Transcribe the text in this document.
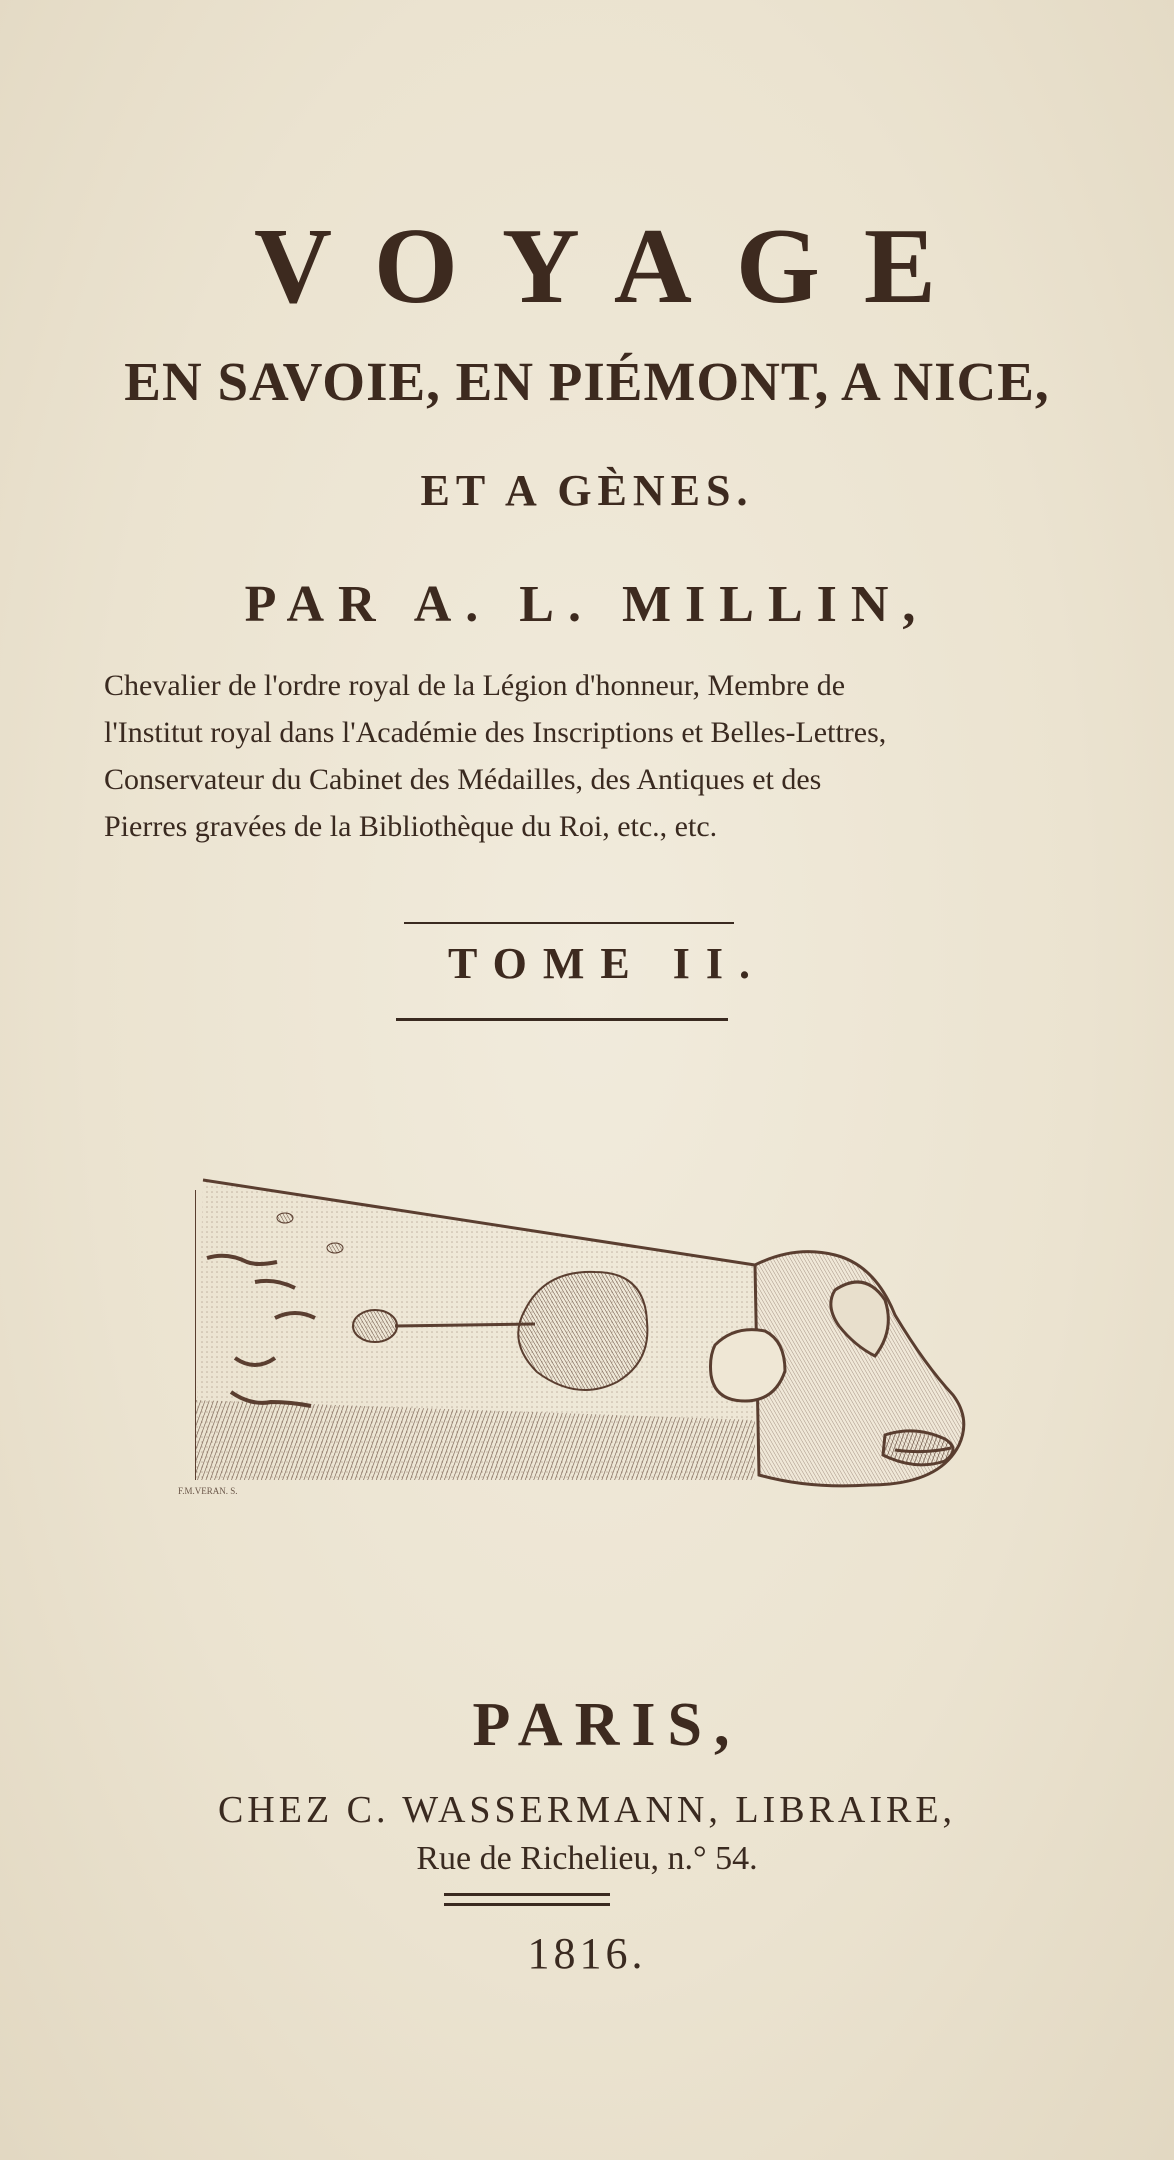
VOYAGE
EN SAVOIE, EN PIÉMONT, A NICE,
ET A GÈNES.
PAR A. L. MILLIN,
Chevalier de l'ordre royal de la Légion d'honneur, Membre de
l'Institut royal dans l'Académie des Inscriptions et Belles-Lettres,
Conservateur du Cabinet des Médailles, des Antiques et des
Pierres gravées de la Bibliothèque du Roi, etc., etc.
TOME II.
F.M.VERAN. S.
PARIS,
CHEZ C. WASSERMANN, LIBRAIRE,
Rue de Richelieu, n.° 54.
1816.
